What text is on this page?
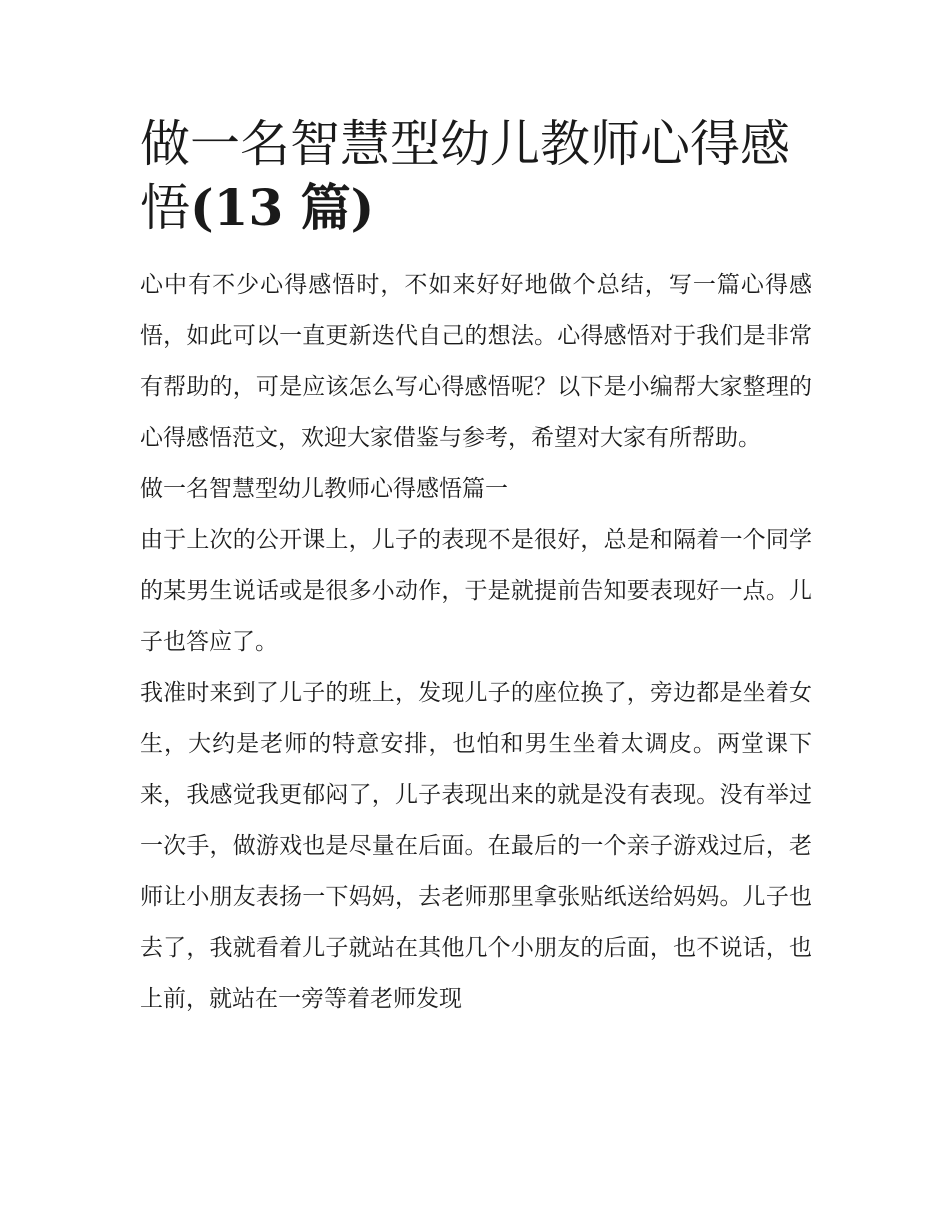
做一名智慧型幼儿教师心得感悟(13 篇)

心中有不少心得感悟时，不如来好好地做个总结，写一篇心得感悟，如此可以一直更新迭代自己的想法。心得感悟对于我们是非常有帮助的，可是应该怎么写心得感悟呢？以下是小编帮大家整理的心得感悟范文，欢迎大家借鉴与参考，希望对大家有所帮助。

做一名智慧型幼儿教师心得感悟篇一

由于上次的公开课上，儿子的表现不是很好，总是和隔着一个同学的某男生说话或是很多小动作，于是就提前告知要表现好一点。儿子也答应了。

我准时来到了儿子的班上，发现儿子的座位换了，旁边都是坐着女生，大约是老师的特意安排，也怕和男生坐着太调皮。两堂课下来，我感觉我更郁闷了，儿子表现出来的就是没有表现。没有举过一次手，做游戏也是尽量在后面。在最后的一个亲子游戏过后，老师让小朋友表扬一下妈妈，去老师那里拿张贴纸送给妈妈。儿子也去了，我就看着儿子就站在其他几个小朋友的后面，也不说话，也上前，就站在一旁等着老师发现
